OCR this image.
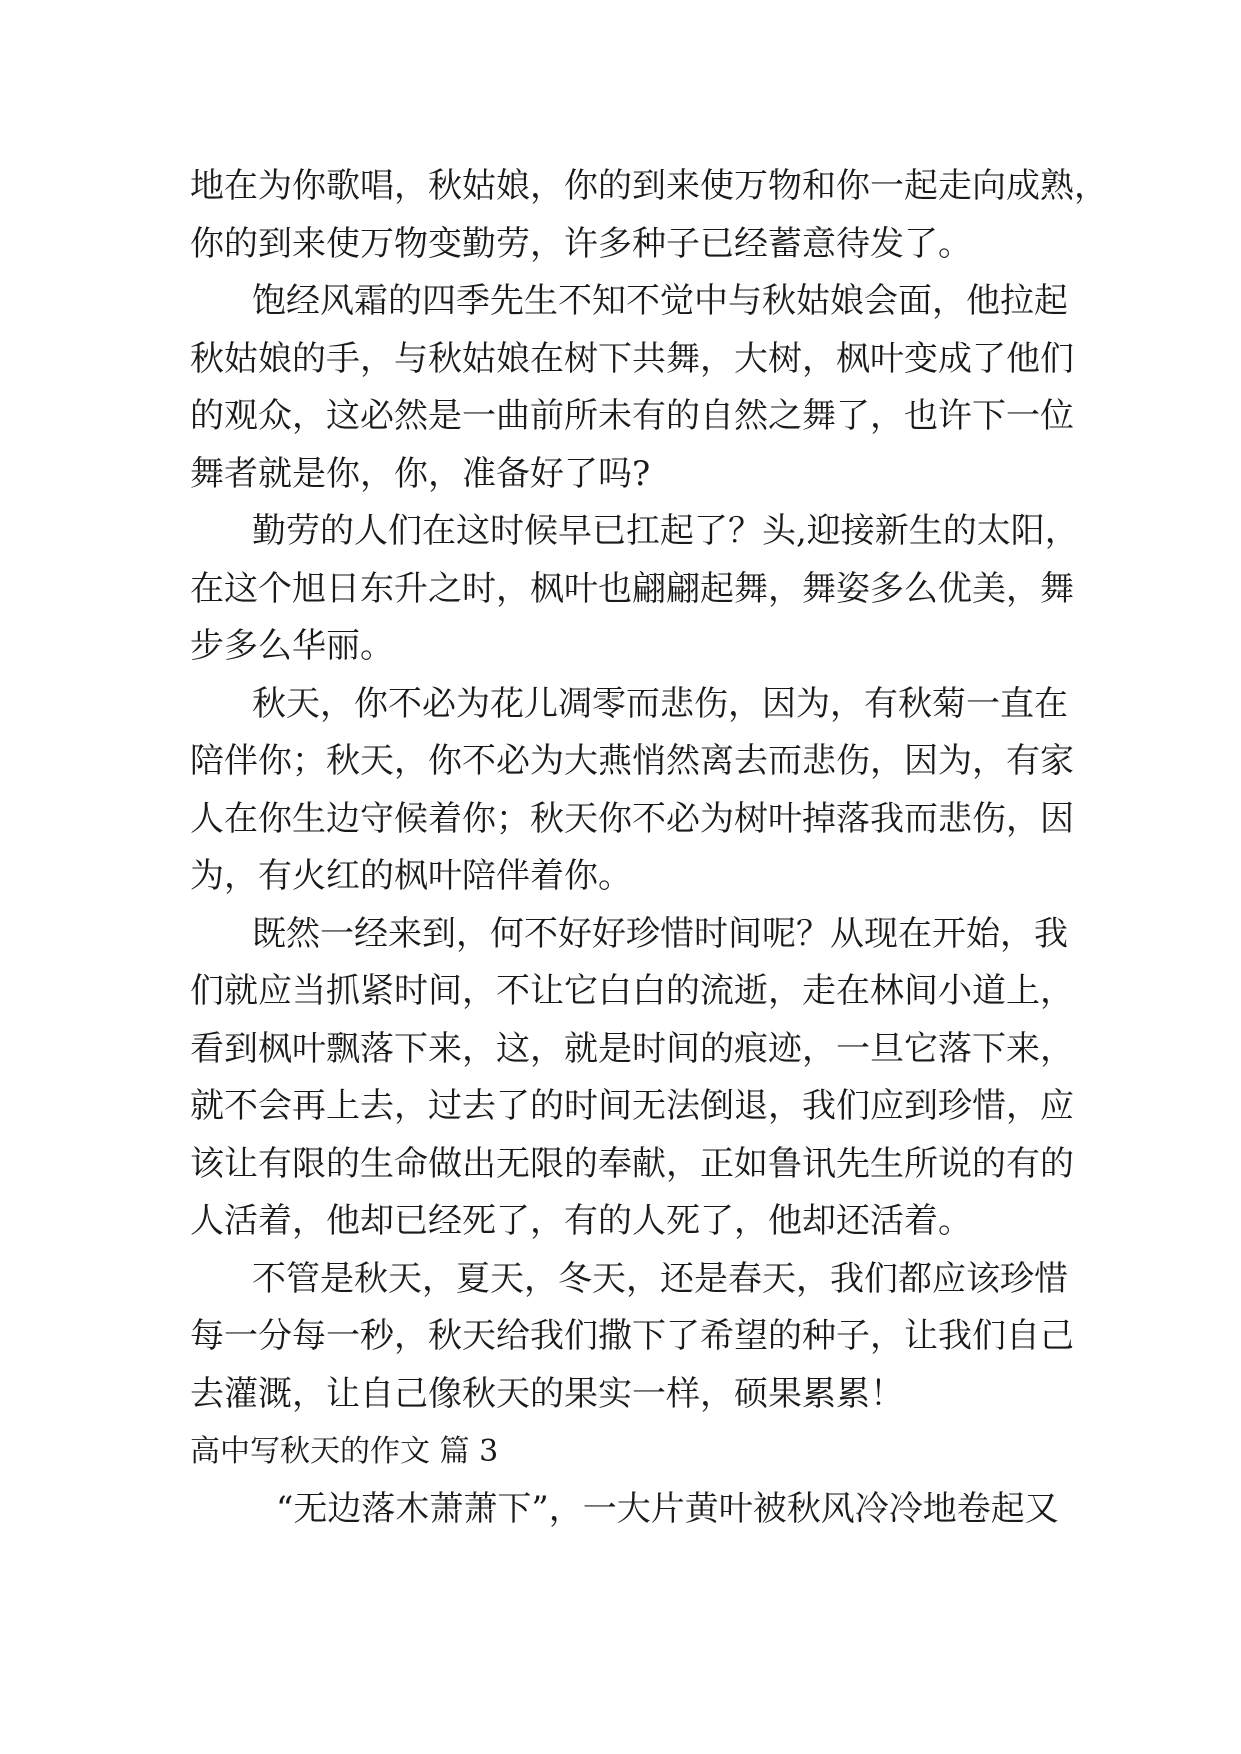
地在为你歌唱，秋姑娘，你的到来使万物和你一起走向成熟，
你的到来使万物变勤劳，许多种子已经蓄意待发了。
饱经风霜的四季先生不知不觉中与秋姑娘会面，他拉起
秋姑娘的手，与秋姑娘在树下共舞，大树，枫叶变成了他们
的观众，这必然是一曲前所未有的自然之舞了，也许下一位
舞者就是你，你，准备好了吗?
勤劳的人们在这时候早已扛起了？头,迎接新生的太阳，
在这个旭日东升之时，枫叶也翩翩起舞，舞姿多么优美，舞
步多么华丽。
秋天，你不必为花儿凋零而悲伤，因为，有秋菊一直在
陪伴你；秋天，你不必为大燕悄然离去而悲伤，因为，有家
人在你生边守候着你；秋天你不必为树叶掉落我而悲伤，因
为，有火红的枫叶陪伴着你。
既然一经来到，何不好好珍惜时间呢？从现在开始，我
们就应当抓紧时间，不让它白白的流逝，走在林间小道上，
看到枫叶飘落下来，这，就是时间的痕迹，一旦它落下来，
就不会再上去，过去了的时间无法倒退，我们应到珍惜，应
该让有限的生命做出无限的奉献，正如鲁讯先生所说的有的
人活着，他却已经死了，有的人死了，他却还活着。
不管是秋天，夏天，冬天，还是春天，我们都应该珍惜
每一分每一秒，秋天给我们撒下了希望的种子，让我们自己
去灌溉，让自己像秋天的果实一样，硕果累累！
高中写秋天的作文 篇 3
“无边落木萧萧下”，一大片黄叶被秋风冷冷地卷起又
